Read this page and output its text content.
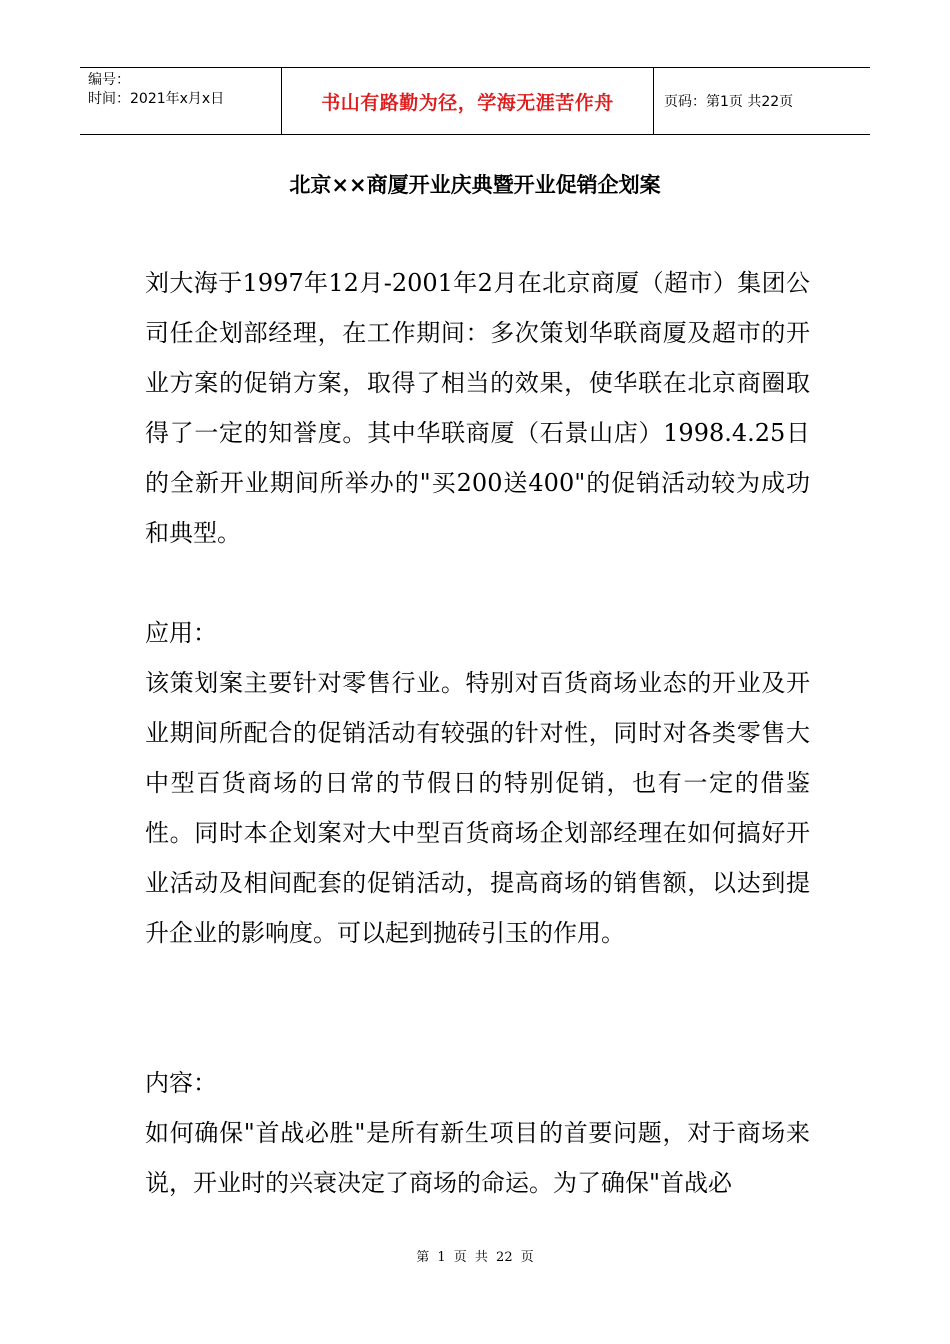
编号：
时间：2021年x月x日	书山有路勤为径，学海无涯苦作舟	页码：第1页 共22页
北京××商厦开业庆典暨开业促销企划案

刘大海于1997年12月-2001年2月在北京商厦（超市）集团公司任企划部经理，在工作期间：多次策划华联商厦及超市的开业方案的促销方案，取得了相当的效果，使华联在北京商圈取得了一定的知誉度。其中华联商厦（石景山店）1998.4.25日的全新开业期间所举办的"买200送400"的促销活动较为成功和典型。

应用：

该策划案主要针对零售行业。特别对百货商场业态的开业及开业期间所配合的促销活动有较强的针对性，同时对各类零售大中型百货商场的日常的节假日的特别促销，也有一定的借鉴性。同时本企划案对大中型百货商场企划部经理在如何搞好开业活动及相间配套的促销活动，提高商场的销售额，以达到提升企业的影响度。可以起到抛砖引玉的作用。

内容：

如何确保"首战必胜"是所有新生项目的首要问题，对于商场来说，开业时的兴衰决定了商场的命运。为了确保"首战必

第 1 页 共 22 页
